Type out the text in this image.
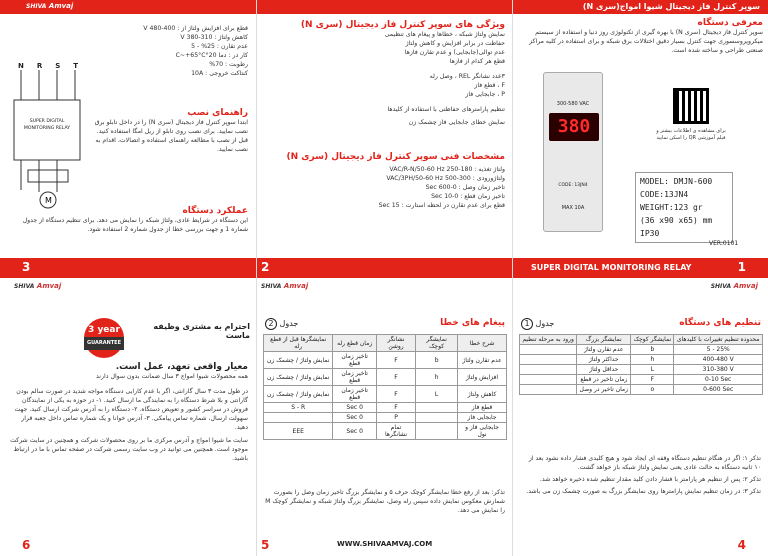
SHIVA Amvaj
N R S T
M
SUPER DIGITAL MONITORING RELAY
قطع برای افزایش ولتاژ از : 400-480 V
کاهش ولتاژ : 310-380 V
عدم تقارن : 25% - 5
کار در : دما 20°C~+65°C
رطوبت : 70%
کنتاکت خروجی : 10A
راهنمای نصب
ابتدا سوپر کنترل فاز دیجیتال (سری N) را در داخل تابلو برق نصب نمایید. برای نصب روی تابلو از ریل امگا استفاده کنید. قبل از نصب با مطالعه راهنمای استفاده و اتصالات، اقدام به نصب نمایید.
عملکرد دستگاه
این دستگاه در شرایط عادی، ولتاژ شبکه را نمایش می دهد. برای تنظیم دستگاه از جدول شماره 1 و جهت بررسی خطا از جدول شماره 2 استفاده شود.
3
ویژگی های سوپر کنترل فاز دیجیتال (سری N)
نمایش ولتاژ شبکه ، خطاها و پیغام های تنظیمی
حفاظت در برابر افزایش و کاهش ولتاژ
عدم توالی(جابجایی) و عدم تقارن فازها
قطع هر کدام از فازها
۳عدد نشانگر REL ، وصل رله
F ، قطع فاز
P ، جابجایی فاز
تنظیم پارامترهای حفاظتی با استفاده از کلیدها
نمایش خطای جابجایی فاز چشمک زن
مشخصات فنی سوپر کنترل فاز دیجیتال (سری N)
ولتاژ تغذیه : 180-250 VAC/R-N/50-60 Hz
ولتاژورودی : 300-500 VAC/3PH/50-60 Hz
تاخیر زمان وصل : 0-600 Sec
تاخیر زمان قطع : 0-10 Sec
قطع برای عدم تقارن در لحظه استارت : 15 Sec
2
سوپر کنترل فاز دیجیتال شیوا امواج(سری N)
معرفی دستگاه
سوپر کنترل فاز دیجیتال (سری N) با بهره گیری از تکنولوژی روز دنیا و استفاده از سیستم میکروپروسسوری جهت کنترل بسیار دقیق اختلالات برق شبکه و برای استفاده در کلیه مراکز صنعتی طراحی و ساخته شده است.
300-580 VAC
380
CODE: 13JN4
MAX 10A
برای مشاهده ی اطلاعات بیشتر و فیلم آموزشی QR را اسکن نمایید
MODEL: DMJN-600
CODE:13JN4
WEIGHT:123 gr
(36 x90 x65) mm
IP30
VER:0101
SUPER DIGITAL MONITORING RELAY	1
SHIVA Amvaj
3 year
GUARANTEE
احترام به مشتری وظیفه ماست
معیار واقعی تعهد، عمل است.
همه محصولات شیوا امواج ۳ سال ضمانت بدون سوال دارند
در طول مدت ۳ سال گارانتی، اگر با عدم کارایی دستگاه مواجه شدید در صورت سالم بودن گارانتی و بلا شرط دستگاه را به نمایندگی ما ارسال کنید. ۱- در حوزه به یکی از نمایندگان فروش در سراسر کشور و تعویض دستگاه. ۲- دستگاه را به آدرس شرکت ارسال کنید. جهت سهولت ارسال، شماره تماس پیامکی. ۳- آدرس خوانا و یک شماره تماس داخل جعبه قرار دهید.
سایت ما شیوا امواج و آدرس مرکزی ما بر روی محصولات شرکت و همچنین در سایت شرکت موجود است. همچنین می توانید در وب سایت رسمی شرکت در صفحه تماس با ما در ارتباط باشید.
6
SHIVA Amvaj
2 جدول	پیغام های خطا
شرح خطا	نمایشگر کوچک	نشانگر روشن	زمان قطع رله	نمایشگرها قبل از قطع رله
عدم تقارن ولتاژ	b	F	تاخیر زمان قطع	نمایش ولتاژ / چشمک زن
افزایش ولتاژ	h	F	تاخیر زمان قطع	نمایش ولتاژ / چشمک زن
کاهش ولتاژ	L	F	تاخیر زمان قطع	نمایش ولتاژ / چشمک زن
قطع فاز		F	0 Sec	S - R
جابجایی فاز		P	0 Sec	
جابجایی فاز و نول		تمام نشانگرها	0 Sec	EEE
تذکر: بعد از رفع خطا نمایشگر کوچک حرف ۵ و نمایشگر بزرگ تاخیر زمان وصل را بصورت شمارش معکوس نمایش داده سپس رله وصل، نمایشگر بزرگ ولتاژ شبکه و نمایشگر کوچک M را نمایش می دهد.
WWW.SHIVAAMVAJ.COM
5
SHIVA Amvaj
1 جدول	تنظیم های دستگاه
ورود به مرحله تنظیم	نمایشگر بزرگ	نمایشگر کوچک	محدوده تنظیم تغییرات با کلیدهای
	عدم تقارن ولتاژ	b	5 - 25%
	حداکثر ولتاژ	h	400-480 V
	حداقل ولتاژ	L	310-380 V
	زمان تاخیر در قطع	F	0-10 Sec
	زمان تاخیر در وصل	o	0-600 Sec
تذکر ۱: اگر در هنگام تنظیم دستگاه وقفه ای ایجاد شود و هیچ کلیدی فشار داده نشود بعد از ۱۰ ثانیه دستگاه به حالت عادی یعنی نمایش ولتاژ شبکه باز خواهد گشت.
تذکر ۲: پس از تنظیم هر پارامتر با فشار دادن کلید مقدار تنظیم شده ذخیره خواهد شد.
تذکر ۳: در زمان تنظیم نمایش پارامترها روی نمایشگر بزرگ به صورت چشمک زن می باشد.
4
